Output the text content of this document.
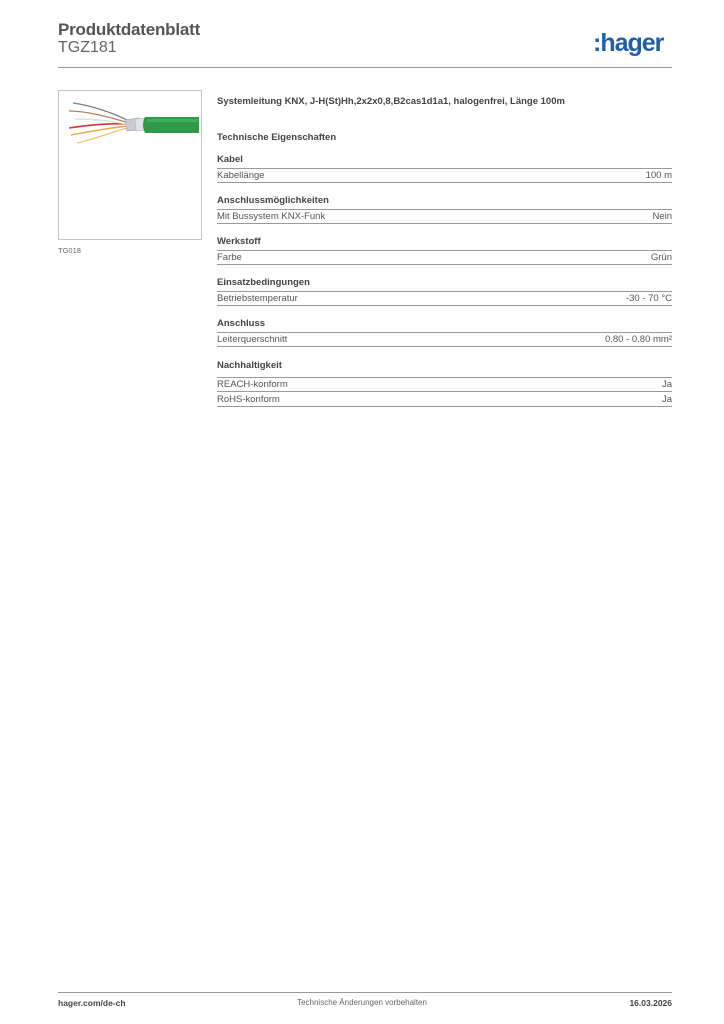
Produktdatenblatt
TGZ181	:hager
TG018
Systemleitung KNX, J-H(St)Hh,2x2x0,8,B2cas1d1a1, halogenfrei, Länge 100m
Technische Eigenschaften
Kabel
Kabellänge	100 m
Anschlussmöglichkeiten
Mit Bussystem KNX-Funk	Nein
Werkstoff
Farbe	Grün
Einsatzbedingungen
Betriebstemperatur	-30 - 70 °C
Anschluss
Leiterquerschnitt	0.80 - 0.80 mm²
Nachhaltigkeit
REACH-konform	Ja
RoHS-konform	Ja
hager.com/de-ch	Technische Änderungen vorbehalten	16.03.2026
